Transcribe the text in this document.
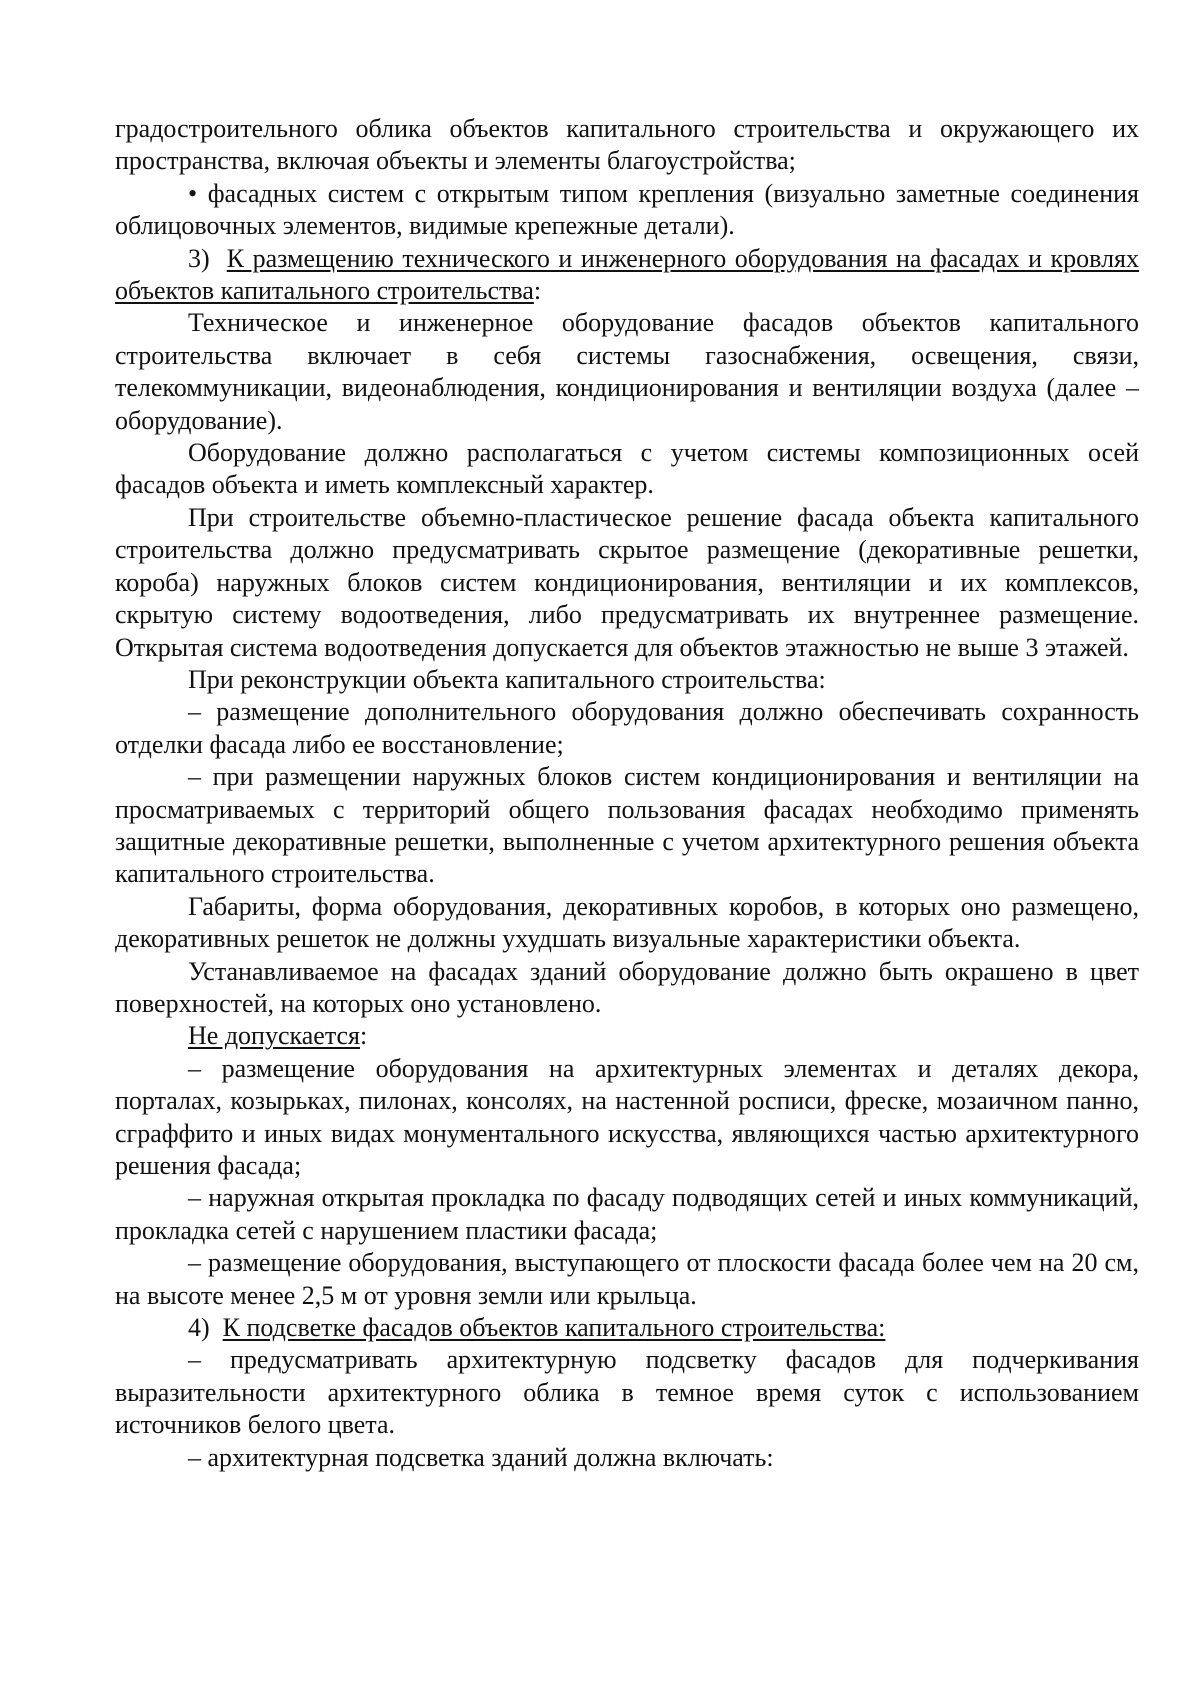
градостроительного облика объектов капитального строительства и окружающего их пространства, включая объекты и элементы благоустройства;

• фасадных систем с открытым типом крепления (визуально заметные соединения облицовочных элементов, видимые крепежные детали).

3) К размещению технического и инженерного оборудования на фасадах и кровлях объектов капитального строительства:

Техническое и инженерное оборудование фасадов объектов капитального строительства включает в себя системы газоснабжения, освещения, связи, телекоммуникации, видеонаблюдения, кондиционирования и вентиляции воздуха (далее – оборудование).

Оборудование должно располагаться с учетом системы композиционных осей фасадов объекта и иметь комплексный характер.

При строительстве объемно-пластическое решение фасада объекта капитального строительства должно предусматривать скрытое размещение (декоративные решетки, короба) наружных блоков систем кондиционирования, вентиляции и их комплексов, скрытую систему водоотведения, либо предусматривать их внутреннее размещение. Открытая система водоотведения допускается для объектов этажностью не выше 3 этажей.

При реконструкции объекта капитального строительства:

– размещение дополнительного оборудования должно обеспечивать сохранность отделки фасада либо ее восстановление;

– при размещении наружных блоков систем кондиционирования и вентиляции на просматриваемых с территорий общего пользования фасадах необходимо применять защитные декоративные решетки, выполненные с учетом архитектурного решения объекта капитального строительства.

Габариты, форма оборудования, декоративных коробов, в которых оно размещено, декоративных решеток не должны ухудшать визуальные характеристики объекта.

Устанавливаемое на фасадах зданий оборудование должно быть окрашено в цвет поверхностей, на которых оно установлено.

Не допускается:

– размещение оборудования на архитектурных элементах и деталях декора, порталах, козырьках, пилонах, консолях, на настенной росписи, фреске, мозаичном панно, сграффито и иных видах монументального искусства, являющихся частью архитектурного решения фасада;

– наружная открытая прокладка по фасаду подводящих сетей и иных коммуникаций, прокладка сетей с нарушением пластики фасада;

– размещение оборудования, выступающего от плоскости фасада более чем на 20 см, на высоте менее 2,5 м от уровня земли или крыльца.

4) К подсветке фасадов объектов капитального строительства:

– предусматривать архитектурную подсветку фасадов для подчеркивания выразительности архитектурного облика в темное время суток с использованием источников белого цвета.

– архитектурная подсветка зданий должна включать:
